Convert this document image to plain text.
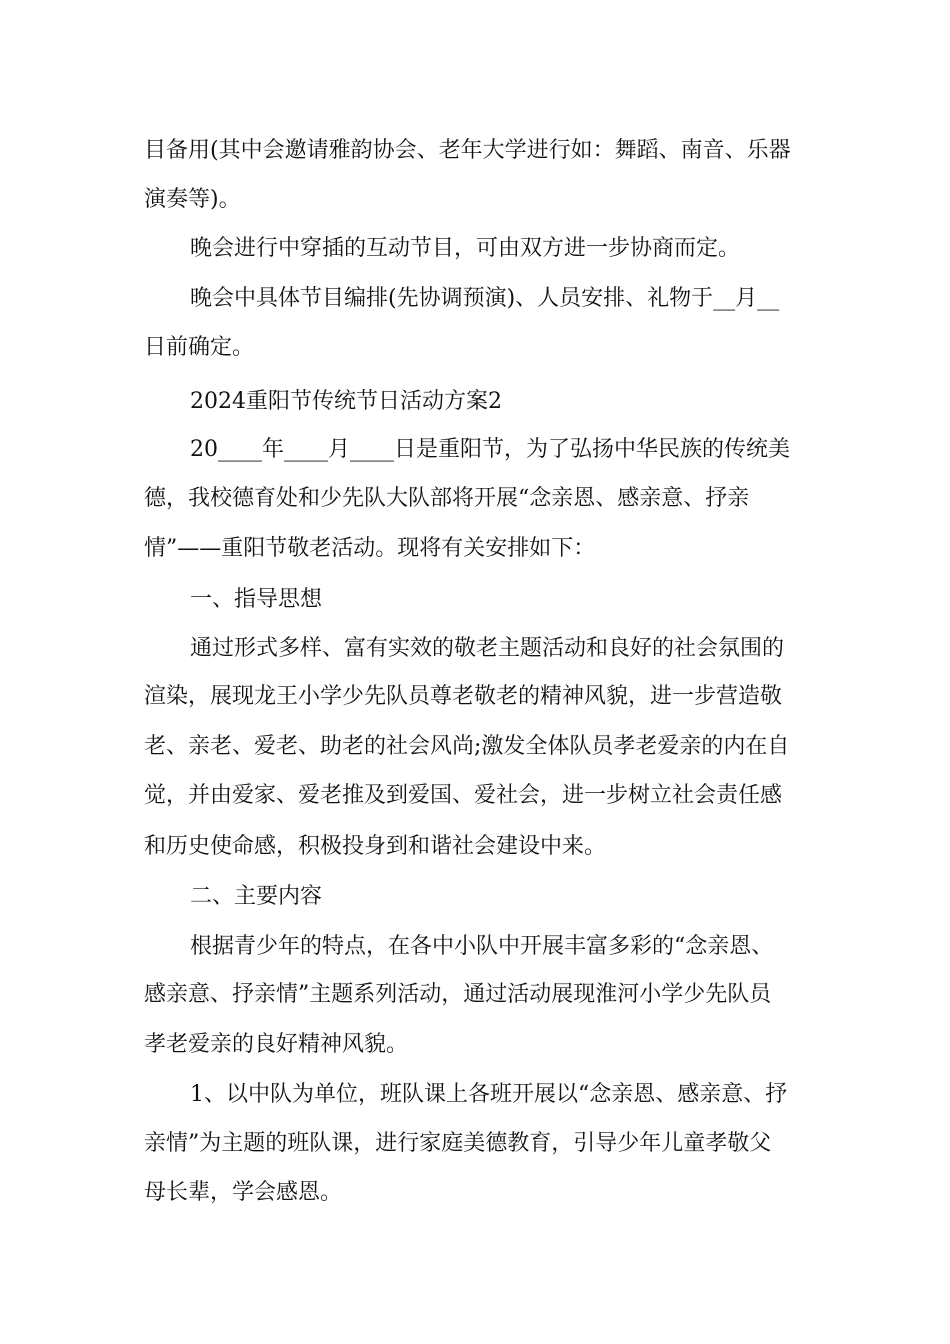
目备用(其中会邀请雅韵协会、老年大学进行如：舞蹈、南音、乐器
演奏等)。
晚会进行中穿插的互动节目，可由双方进一步协商而定。
晚会中具体节目编排(先协调预演)、人员安排、礼物于__月__
日前确定。
2024重阳节传统节日活动方案2
20____年____月____日是重阳节，为了弘扬中华民族的传统美
德，我校德育处和少先队大队部将开展“念亲恩、感亲意、抒亲
情”——重阳节敬老活动。现将有关安排如下：
一、指导思想
通过形式多样、富有实效的敬老主题活动和良好的社会氛围的
渲染，展现龙王小学少先队员尊老敬老的精神风貌，进一步营造敬
老、亲老、爱老、助老的社会风尚;激发全体队员孝老爱亲的内在自
觉，并由爱家、爱老推及到爱国、爱社会，进一步树立社会责任感
和历史使命感，积极投身到和谐社会建设中来。
二、主要内容
根据青少年的特点，在各中小队中开展丰富多彩的“念亲恩、
感亲意、抒亲情”主题系列活动，通过活动展现淮河小学少先队员
孝老爱亲的良好精神风貌。
1、以中队为单位，班队课上各班开展以“念亲恩、感亲意、抒
亲情”为主题的班队课，进行家庭美德教育，引导少年儿童孝敬父
母长辈，学会感恩。
